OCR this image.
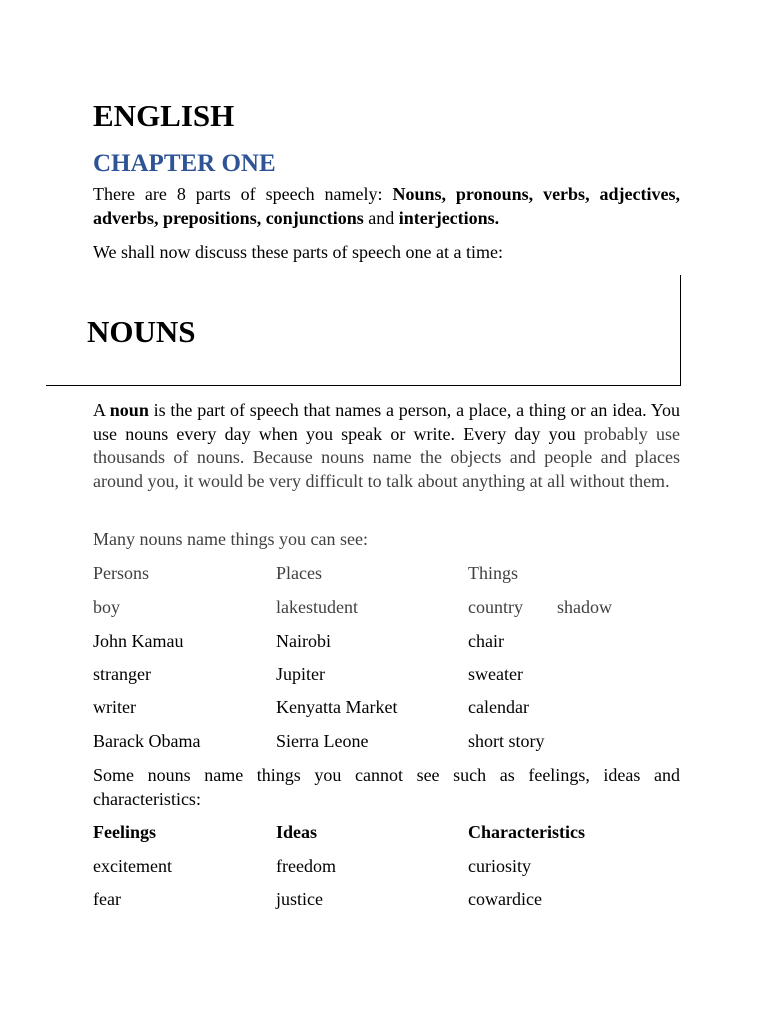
ENGLISH
CHAPTER ONE
There are 8 parts of speech namely: Nouns, pronouns, verbs, adjectives, adverbs, prepositions, conjunctions and interjections.
We shall now discuss these parts of speech one at a time:
NOUNS
A noun is the part of speech that names a person, a place, a thing or an idea. You use nouns every day when you speak or write. Every day you probably use thousands of nouns. Because nouns name the objects and people and places around you, it would be very difficult to talk about anything at all without them.
Many nouns name things you can see:
Persons	Places	Things
boy	lakestudent	country shadow
John Kamau	Nairobi	chair
stranger	Jupiter	sweater
writer	Kenyatta Market	calendar
Barack Obama	Sierra Leone	short story
Some nouns name things you cannot see such as feelings, ideas and characteristics:
Feelings	Ideas	Characteristics
excitement	freedom	curiosity
fear	justice	cowardice
